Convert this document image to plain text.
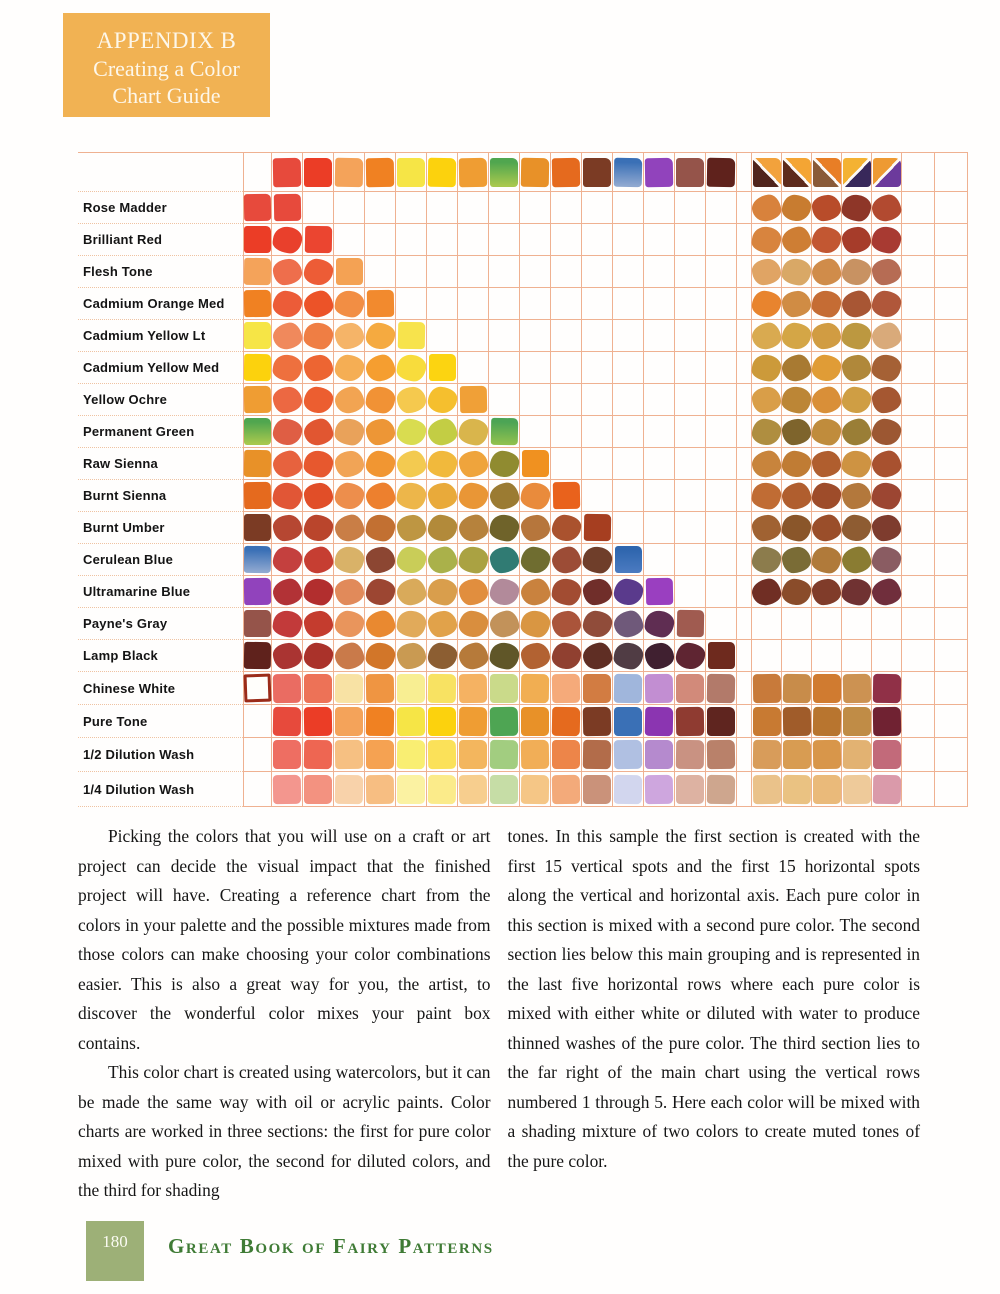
APPENDIX B
Creating a Color
Chart Guide
Rose Madder
Brilliant Red
Flesh Tone
Cadmium Orange Med
Cadmium Yellow Lt
Cadmium Yellow Med
Yellow Ochre
Permanent Green
Raw Sienna
Burnt Sienna
Burnt Umber
Cerulean Blue
Ultramarine Blue
Payne's Gray
Lamp Black
Chinese White
Pure Tone
1/2 Dilution Wash
1/4 Dilution Wash

Picking the colors that you will use on a craft or art project can decide the visual impact that the finished project will have. Creating a reference chart from the colors in your palette and the possible mixtures made from those colors can make choosing your color combinations easier. This is also a great way for you, the artist, to discover the wonderful color mixes your paint box contains.

This color chart is created using watercolors, but it can be made the same way with oil or acrylic paints. Color charts are worked in three sections: the first for pure color mixed with pure color, the second for diluted colors, and the third for shading

tones. In this sample the first section is created with the first 15 vertical spots and the first 15 horizontal spots along the vertical and horizontal axis. Each pure color in this section is mixed with a second pure color. The second section lies below this main grouping and is represented in the last five horizontal rows where each pure color is mixed with either white or diluted with water to produce thinned washes of the pure color. The third section lies to the far right of the main chart using the vertical rows numbered 1 through 5. Here each color will be mixed with a shading mixture of two colors to create muted tones of the pure color.

180 Great Book of Fairy Patterns
